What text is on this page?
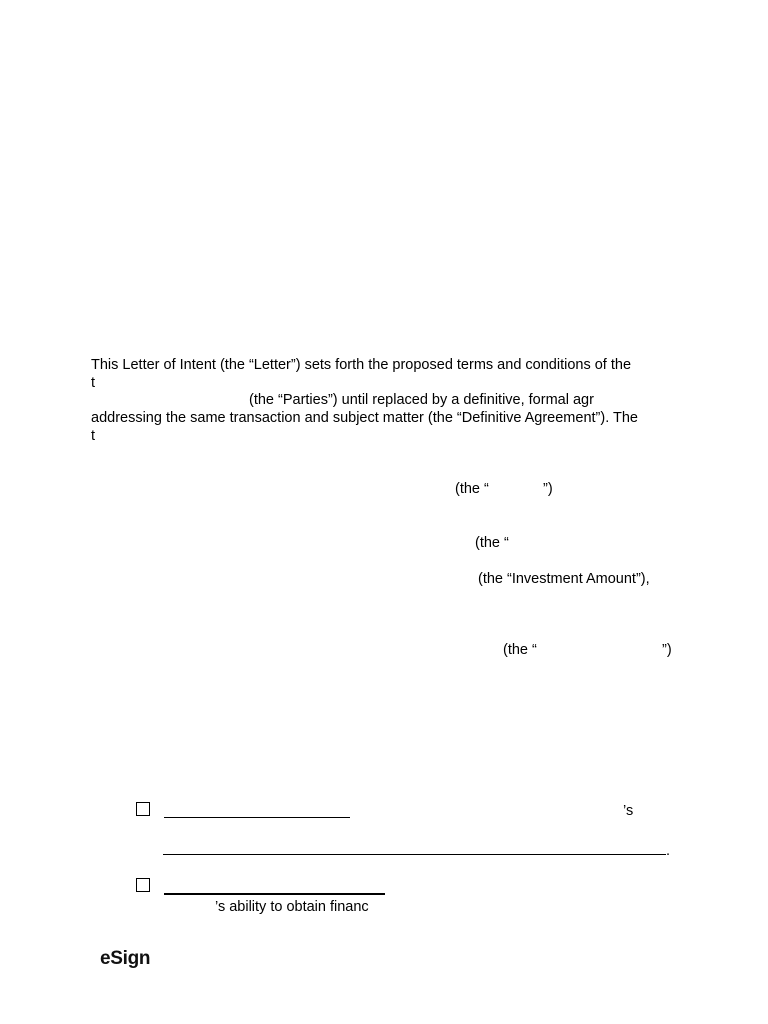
This Letter of Intent (the “Letter”) sets forth the proposed terms and conditions of the
t
(the “Parties”) until replaced by a definitive, formal agr
addressing the same transaction and subject matter (the “Definitive Agreement”). The
t
(the “	”)
(the “
(the “Investment Amount”),
(the “	”)
’s
.
’s ability to obtain financ
eSign
